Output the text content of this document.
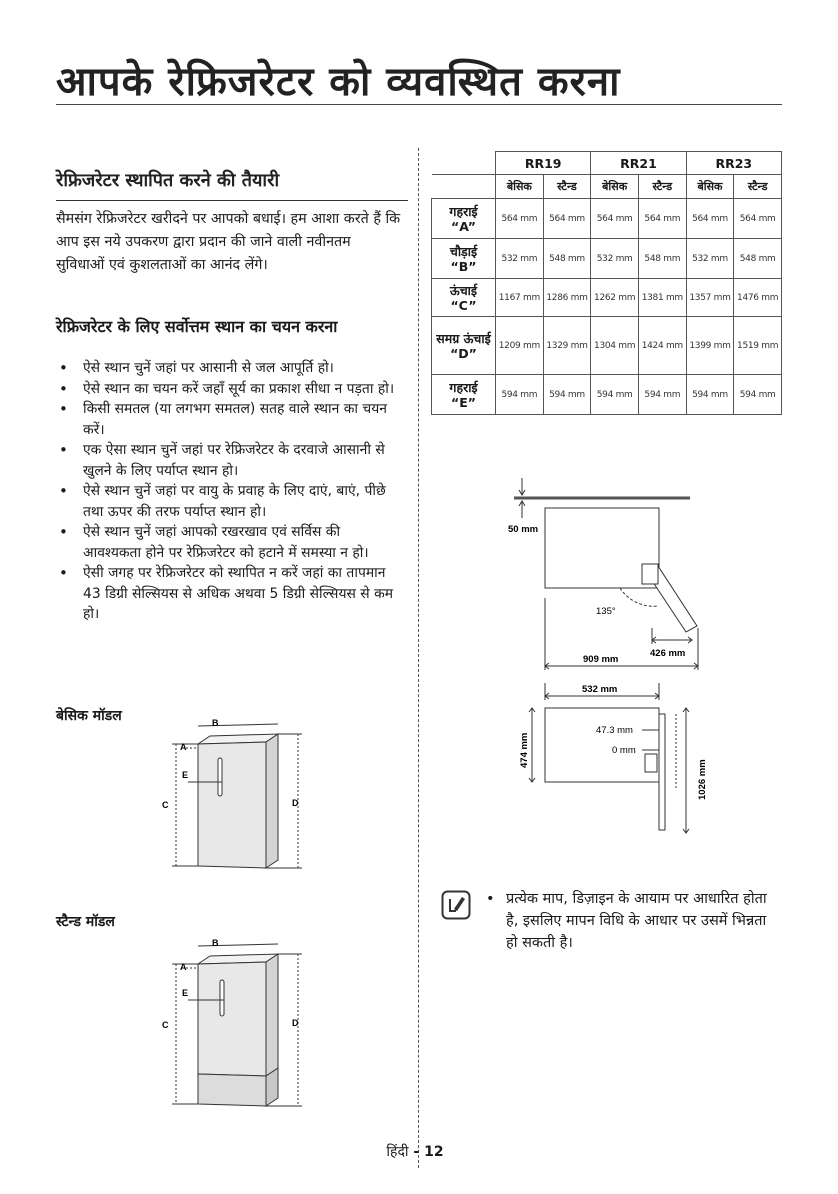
आपके रेफ्रिजरेटर को व्यवस्थित करना
रेफ्रिजरेटर स्थापित करने की तैयारी

सैमसंग रेफ्रिजरेटर खरीदने पर आपको बधाई। हम आशा करते हैं कि आप इस नये उपकरण द्वारा प्रदान की जाने वाली नवीनतम सुविधाओं एवं कुशलताओं का आनंद लेंगे।

रेफ्रिजरेटर के लिए सर्वोत्तम स्थान का चयन करना
• ऐसे स्थान चुनें जहां पर आसानी से जल आपूर्ति हो।
• ऐसे स्थान का चयन करें जहाँ सूर्य का प्रकाश सीधा न पड़ता हो।
• किसी समतल (या लगभग समतल) सतह वाले स्थान का चयन करें।
• एक ऐसा स्थान चुनें जहां पर रेफ्रिजरेटर के दरवाजे आसानी से खुलने के लिए पर्याप्त स्थान हो।
• ऐसे स्थान चुनें जहां पर वायु के प्रवाह के लिए दाएं, बाएं, पीछे तथा ऊपर की तरफ पर्याप्त स्थान हो।
• ऐसे स्थान चुनें जहां आपको रखरखाव एवं सर्विस की आवश्यकता होने पर रेफ्रिजरेटर को हटाने में समस्या न हो।
• ऐसी जगह पर रेफ्रिजरेटर को स्थापित न करें जहां का तापमान 43 डिग्री सेल्सियस से अधिक अथवा 5 डिग्री सेल्सियस से कम हो।

बेसिक मॉडल	B
A
E
C	D

स्टैन्ड मॉडल

B
A
E
C	D
	RR19		RR21		RR23	
	बेसिक	स्टैन्ड	बेसिक	स्टैन्ड	बेसिक	स्टैन्ड
गहराई
“A”	564 mm	564 mm	564 mm	564 mm	564 mm	564 mm
चौड़ाई
“B”	532 mm	548 mm	532 mm	548 mm	532 mm	548 mm
ऊंचाई
“C”	1167 mm	1286 mm	1262 mm	1381 mm	1357 mm	1476 mm
समग्र ऊंचाई
“D”	1209 mm	1329 mm	1304 mm	1424 mm	1399 mm	1519 mm
गहराई
“E”	594 mm	594 mm	594 mm	594 mm	594 mm	594 mm
50 mm
135°
426 mm
909 mm
532 mm
474 mm
47.3 mm
0 mm
1026 mm
• प्रत्येक माप, डिज़ाइन के आयाम पर आधारित होता है, इसलिए मापन विधि के आधार पर उसमें भिन्नता हो सकती है।
हिंदी - 12
